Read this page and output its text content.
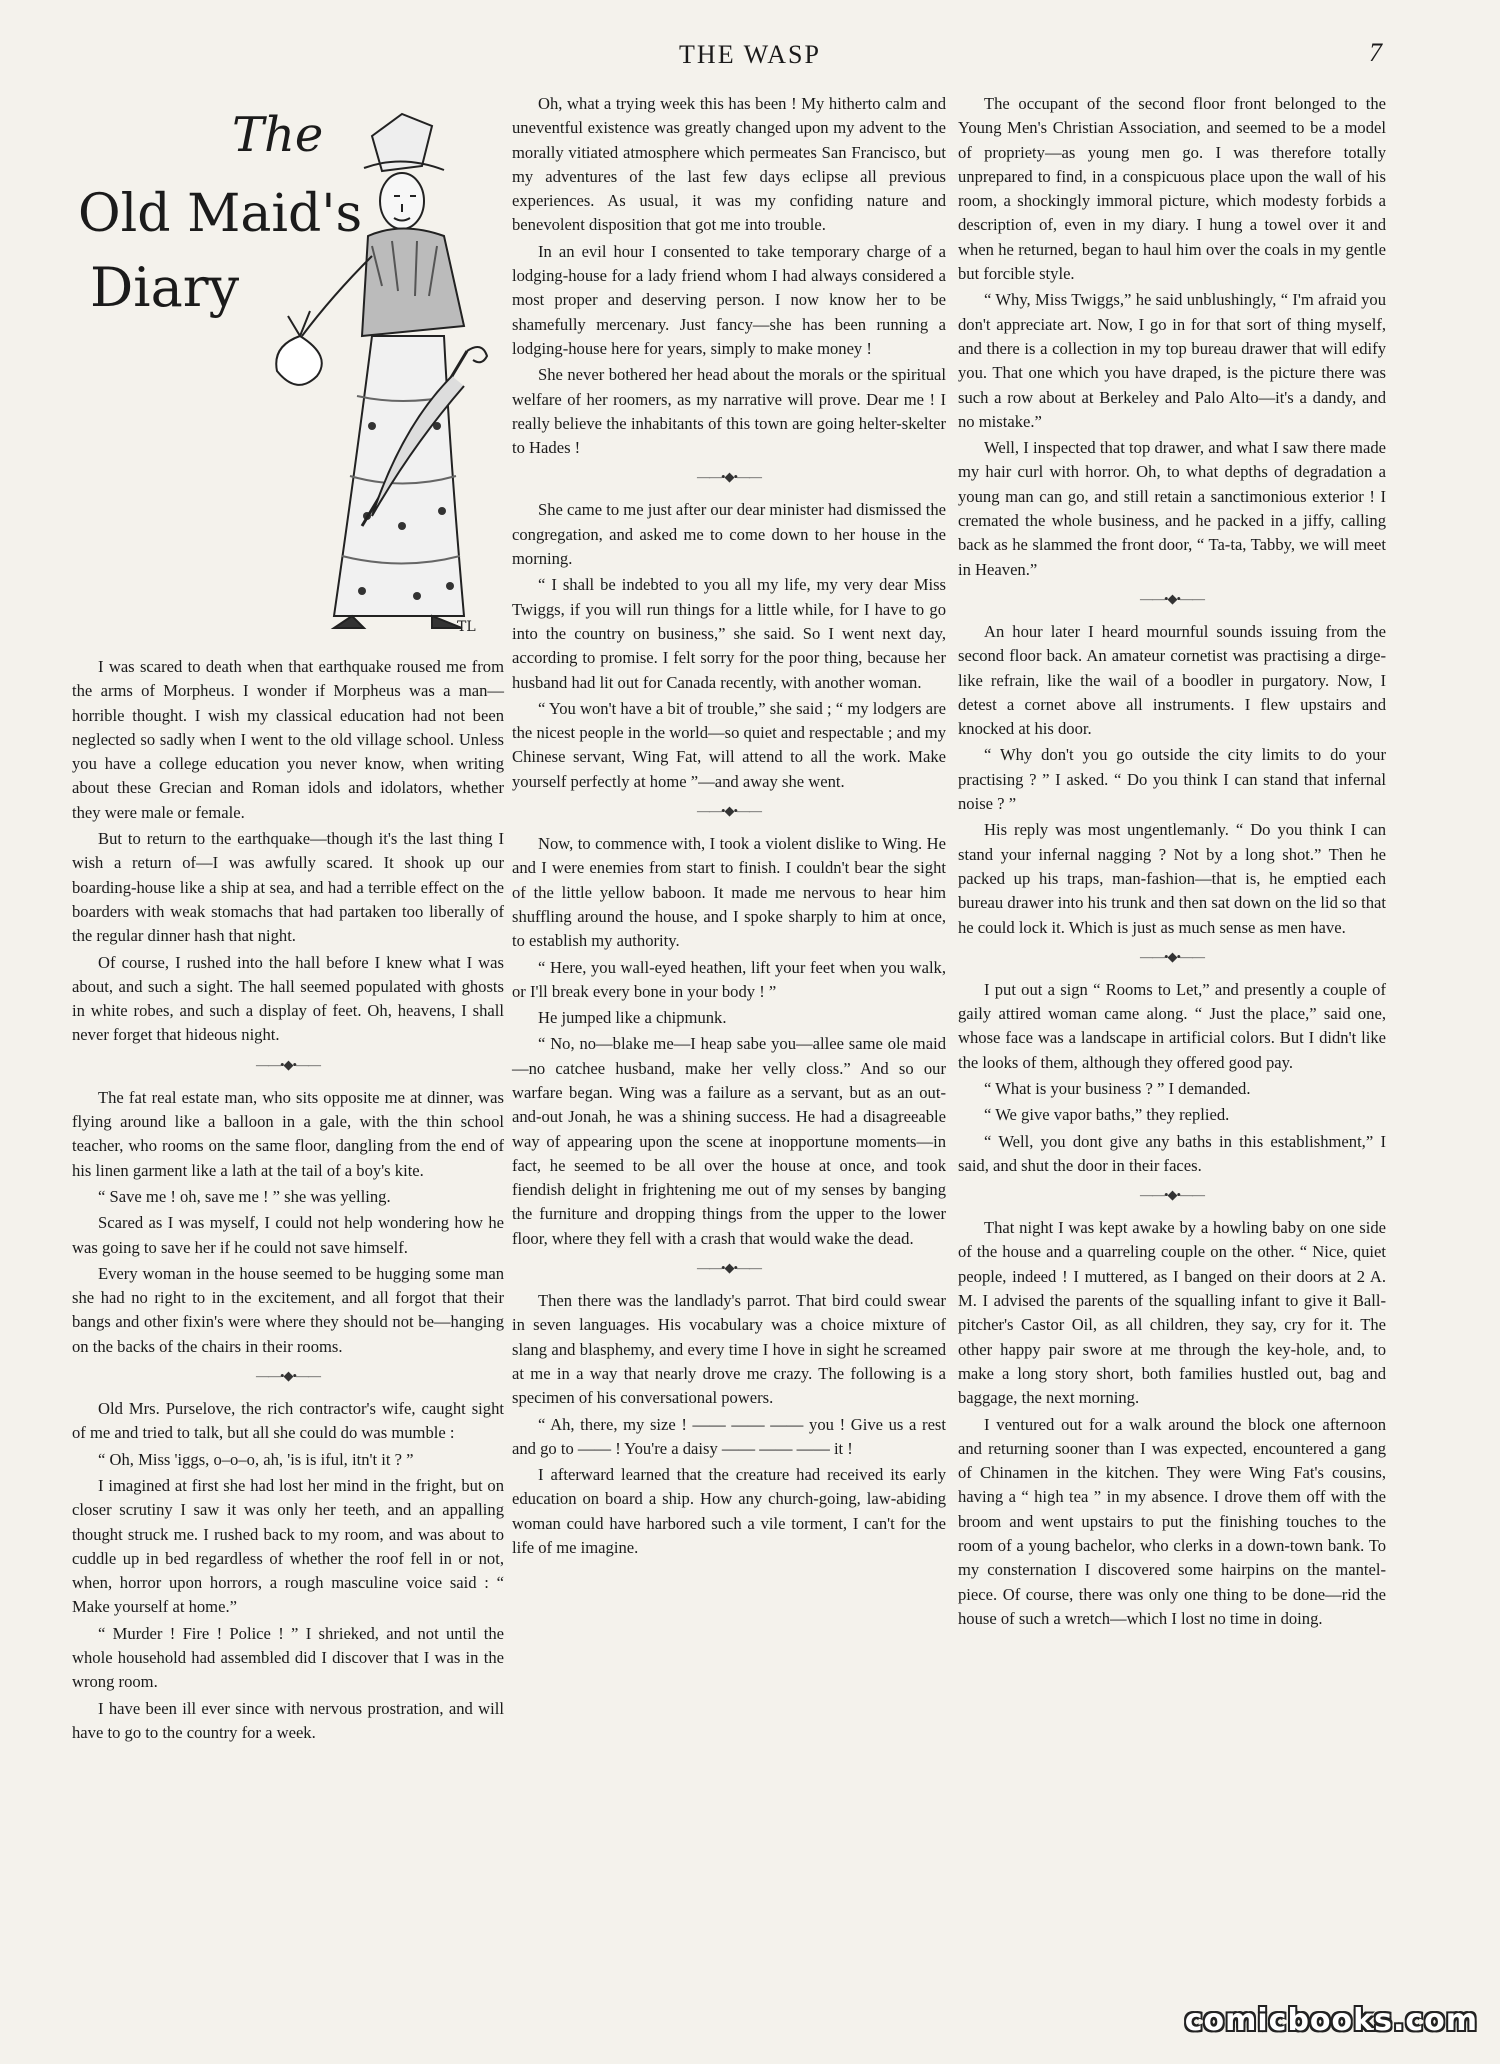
THE WASP	7
The
Old Maid's
Diary
TL

I was scared to death when that earthquake roused me from the arms of Morpheus. I wonder if Morpheus was a man—horrible thought. I wish my classical education had not been neglected so sadly when I went to the old village school. Unless you have a college education you never know, when writing about these Grecian and Roman idols and idolators, whether they were male or female.

But to return to the earthquake—though it's the last thing I wish a return of—I was awfully scared. It shook up our boarding-house like a ship at sea, and had a terrible effect on the boarders with weak stomachs that had partaken too liberally of the regular dinner hash that night.

Of course, I rushed into the hall before I knew what I was about, and such a sight. The hall seemed populated with ghosts in white robes, and such a display of feet. Oh, heavens, I shall never forget that hideous night.

——•◆•——

The fat real estate man, who sits opposite me at dinner, was flying around like a balloon in a gale, with the thin school teacher, who rooms on the same floor, dangling from the end of his linen garment like a lath at the tail of a boy's kite.

“ Save me ! oh, save me ! ” she was yelling.

Scared as I was myself, I could not help wondering how he was going to save her if he could not save himself.

Every woman in the house seemed to be hugging some man she had no right to in the excitement, and all forgot that their bangs and other fixin's were where they should not be—hanging on the backs of the chairs in their rooms.

——•◆•——

Old Mrs. Purselove, the rich contractor's wife, caught sight of me and tried to talk, but all she could do was mumble :

“ Oh, Miss 'iggs, o–o–o, ah, 'is is iful, itn't it ? ”

I imagined at first she had lost her mind in the fright, but on closer scrutiny I saw it was only her teeth, and an appalling thought struck me. I rushed back to my room, and was about to cuddle up in bed regardless of whether the roof fell in or not, when, horror upon horrors, a rough masculine voice said : “ Make yourself at home.”

“ Murder ! Fire ! Police ! ” I shrieked, and not until the whole household had assembled did I discover that I was in the wrong room.

I have been ill ever since with nervous prostration, and will have to go to the country for a week.

Oh, what a trying week this has been ! My hitherto calm and uneventful existence was greatly changed upon my advent to the morally vitiated atmosphere which permeates San Francisco, but my adventures of the last few days eclipse all previous experiences. As usual, it was my confiding nature and benevolent disposition that got me into trouble.

In an evil hour I consented to take temporary charge of a lodging-house for a lady friend whom I had always considered a most proper and deserving person. I now know her to be shamefully mercenary. Just fancy—she has been running a lodging-house here for years, simply to make money !

She never bothered her head about the morals or the spiritual welfare of her roomers, as my narrative will prove. Dear me ! I really believe the inhabitants of this town are going helter-skelter to Hades !

——•◆•——

She came to me just after our dear minister had dismissed the congregation, and asked me to come down to her house in the morning.

“ I shall be indebted to you all my life, my very dear Miss Twiggs, if you will run things for a little while, for I have to go into the country on business,” she said. So I went next day, according to promise. I felt sorry for the poor thing, because her husband had lit out for Canada recently, with another woman.

“ You won't have a bit of trouble,” she said ; “ my lodgers are the nicest people in the world—so quiet and respectable ; and my Chinese servant, Wing Fat, will attend to all the work. Make yourself perfectly at home ”—and away she went.

——•◆•——

Now, to commence with, I took a violent dislike to Wing. He and I were enemies from start to finish. I couldn't bear the sight of the little yellow baboon. It made me nervous to hear him shuffling around the house, and I spoke sharply to him at once, to establish my authority.

“ Here, you wall-eyed heathen, lift your feet when you walk, or I'll break every bone in your body ! ”

He jumped like a chipmunk.

“ No, no—blake me—I heap sabe you—allee same ole maid—no catchee husband, make her velly closs.” And so our warfare began. Wing was a failure as a servant, but as an out-and-out Jonah, he was a shining success. He had a disagreeable way of appearing upon the scene at inopportune moments—in fact, he seemed to be all over the house at once, and took fiendish delight in frightening me out of my senses by banging the furniture and dropping things from the upper to the lower floor, where they fell with a crash that would wake the dead.

——•◆•——

Then there was the landlady's parrot. That bird could swear in seven languages. His vocabulary was a choice mixture of slang and blasphemy, and every time I hove in sight he screamed at me in a way that nearly drove me crazy. The following is a specimen of his conversational powers.

“ Ah, there, my size ! —— —— —— you ! Give us a rest and go to —— ! You're a daisy —— —— —— it !

I afterward learned that the creature had received its early education on board a ship. How any church-going, law-abiding woman could have harbored such a vile torment, I can't for the life of me imagine.

The occupant of the second floor front belonged to the Young Men's Christian Association, and seemed to be a model of propriety—as young men go. I was therefore totally unprepared to find, in a conspicuous place upon the wall of his room, a shockingly immoral picture, which modesty forbids a description of, even in my diary. I hung a towel over it and when he returned, began to haul him over the coals in my gentle but forcible style.

“ Why, Miss Twiggs,” he said unblushingly, “ I'm afraid you don't appreciate art. Now, I go in for that sort of thing myself, and there is a collection in my top bureau drawer that will edify you. That one which you have draped, is the picture there was such a row about at Berkeley and Palo Alto—it's a dandy, and no mistake.”

Well, I inspected that top drawer, and what I saw there made my hair curl with horror. Oh, to what depths of degradation a young man can go, and still retain a sanctimonious exterior ! I cremated the whole business, and he packed in a jiffy, calling back as he slammed the front door, “ Ta-ta, Tabby, we will meet in Heaven.”

——•◆•——

An hour later I heard mournful sounds issuing from the second floor back. An amateur cornetist was practising a dirge-like refrain, like the wail of a boodler in purgatory. Now, I detest a cornet above all instruments. I flew upstairs and knocked at his door.

“ Why don't you go outside the city limits to do your practising ? ” I asked. “ Do you think I can stand that infernal noise ? ”

His reply was most ungentlemanly. “ Do you think I can stand your infernal nagging ? Not by a long shot.” Then he packed up his traps, man-fashion—that is, he emptied each bureau drawer into his trunk and then sat down on the lid so that he could lock it. Which is just as much sense as men have.

——•◆•——

I put out a sign “ Rooms to Let,” and presently a couple of gaily attired woman came along. “ Just the place,” said one, whose face was a landscape in artificial colors. But I didn't like the looks of them, although they offered good pay.

“ What is your business ? ” I demanded.

“ We give vapor baths,” they replied.

“ Well, you dont give any baths in this establishment,” I said, and shut the door in their faces.

——•◆•——

That night I was kept awake by a howling baby on one side of the house and a quarreling couple on the other. “ Nice, quiet people, indeed ! I muttered, as I banged on their doors at 2 A. M. I advised the parents of the squalling infant to give it Ball-pitcher's Castor Oil, as all children, they say, cry for it. The other happy pair swore at me through the key-hole, and, to make a long story short, both families hustled out, bag and baggage, the next morning.

I ventured out for a walk around the block one afternoon and returning sooner than I was expected, encountered a gang of Chinamen in the kitchen. They were Wing Fat's cousins, having a “ high tea ” in my absence. I drove them off with the broom and went upstairs to put the finishing touches to the room of a young bachelor, who clerks in a down-town bank. To my consternation I discovered some hairpins on the mantel-piece. Of course, there was only one thing to be done—rid the house of such a wretch—which I lost no time in doing.

comicbooks.com
